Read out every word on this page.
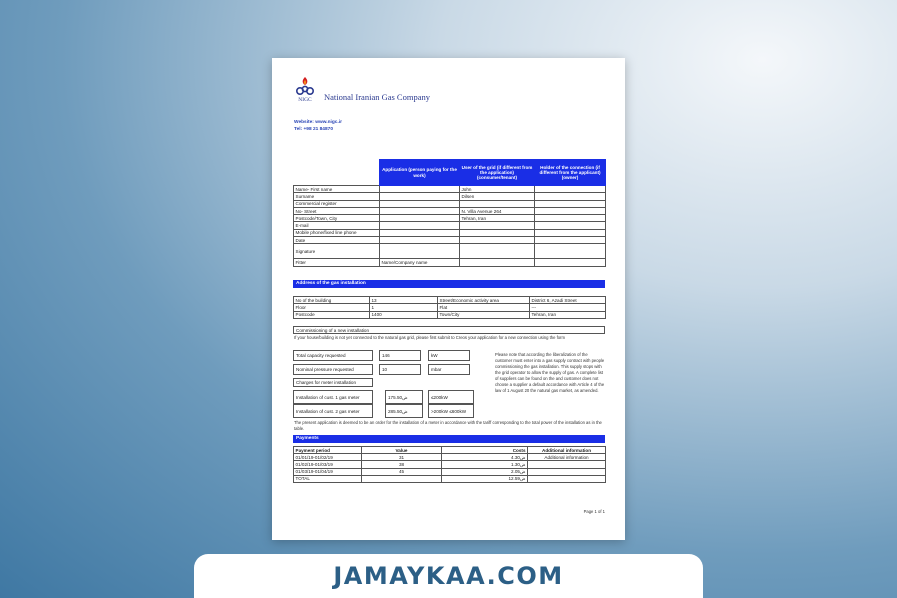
NIGC National Iranian Gas Company
Website: www.nigc.ir
Tel: +98 21 84870
	Application (person paying for the work)	User of the grid (if different from the application) (consumer/tenant)	Holder of the connection (if different from the applicant) (owner)
Name- First name		John	
Surname		Dilsen	
Commercial register			
No- Street		N. Villa Avenue 264	
Postcode/Town, City		Tehran, Iran	
E-mail			
Mobile phone/fixed line phone			
Date			
Signature			
Fitter	Name/Company name		
Address of the gas installation
No of the building	13	Street/Economic activity area	District 6, Azadi Street
Floor	1	Flat	---
Postcode	1400	Town/City	Tehran, Iran
Commissioning of a new installation
If your house/building is not yet connected to the natural gas grid, please first submit to Creos your application for a new connection using the form
Total capacity requested	146	kW
Nominal pressure requested	10	mbar
Please note that according the liberalization of the customer must enter into a gas supply contract with people commissioning the gas installation. This supply stops with the grid operator to allow the supply of gas. A complete list of suppliers can be found on the and customer does not choose a supplier a default accordance with Article 4 of the law of 1 August 20 the natural gas market, as amended.
Charges for meter installation
Installation of cust. 1 gas meter	175.50ض	≤200kW
Installation of cust. 2 gas meter	285.50ض	>200kW ≤600kW
The present application is deemed to be an order for the installation of a meter in accordance with the tariff corresponding to the total power of the installation as in the table.
Payments
Payment period	Value	Costs	Additional information
01/01/19-01/02/19	31	4.30ض	Additional information
01/02/19-01/03/19	38	1.30ض	
01/03/19-01/04/19	45	2.05ض	
TOTAL		12.59ض	
Page 1 of 1
JAMAYKAA.COM
